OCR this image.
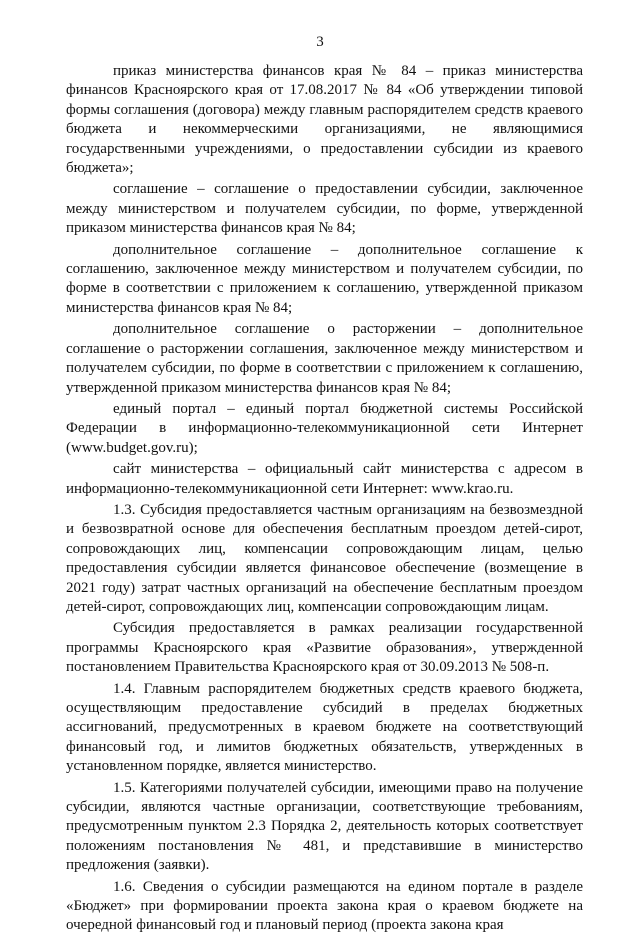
3

приказ министерства финансов края № 84 – приказ министерства финансов Красноярского края от 17.08.2017 № 84 «Об утверждении типовой формы соглашения (договора) между главным распорядителем средств краевого бюджета и некоммерческими организациями, не являющимися государственными учреждениями, о предоставлении субсидии из краевого бюджета»;

соглашение – соглашение о предоставлении субсидии, заключенное между министерством и получателем субсидии, по форме, утвержденной приказом министерства финансов края № 84;

дополнительное соглашение – дополнительное соглашение к соглашению, заключенное между министерством и получателем субсидии, по форме в соответствии с приложением к соглашению, утвержденной приказом министерства финансов края № 84;

дополнительное соглашение о расторжении – дополнительное соглашение о расторжении соглашения, заключенное между министерством и получателем субсидии, по форме в соответствии с приложением к соглашению, утвержденной приказом министерства финансов края № 84;

единый портал – единый портал бюджетной системы Российской Федерации в информационно-телекоммуникационной сети Интернет (www.budget.gov.ru);

сайт министерства – официальный сайт министерства с адресом в информационно-телекоммуникационной сети Интернет: www.krao.ru.

1.3. Субсидия предоставляется частным организациям на безвозмездной и безвозвратной основе для обеспечения бесплатным проездом детей-сирот, сопровождающих лиц, компенсации сопровождающим лицам, целью предоставления субсидии является финансовое обеспечение (возмещение в 2021 году) затрат частных организаций на обеспечение бесплатным проездом детей-сирот, сопровождающих лиц, компенсации сопровождающим лицам.

Субсидия предоставляется в рамках реализации государственной программы Красноярского края «Развитие образования», утвержденной постановлением Правительства Красноярского края от 30.09.2013 № 508-п.

1.4. Главным распорядителем бюджетных средств краевого бюджета, осуществляющим предоставление субсидий в пределах бюджетных ассигнований, предусмотренных в краевом бюджете на соответствующий финансовый год, и лимитов бюджетных обязательств, утвержденных в установленном порядке, является министерство.

1.5. Категориями получателей субсидии, имеющими право на получение субсидии, являются частные организации, соответствующие требованиям, предусмотренным пунктом 2.3 Порядка 2, деятельность которых соответствует положениям постановления № 481, и представившие в министерство предложения (заявки).

1.6. Сведения о субсидии размещаются на едином портале в разделе «Бюджет» при формировании проекта закона края о краевом бюджете на очередной финансовый год и плановый период (проекта закона края
